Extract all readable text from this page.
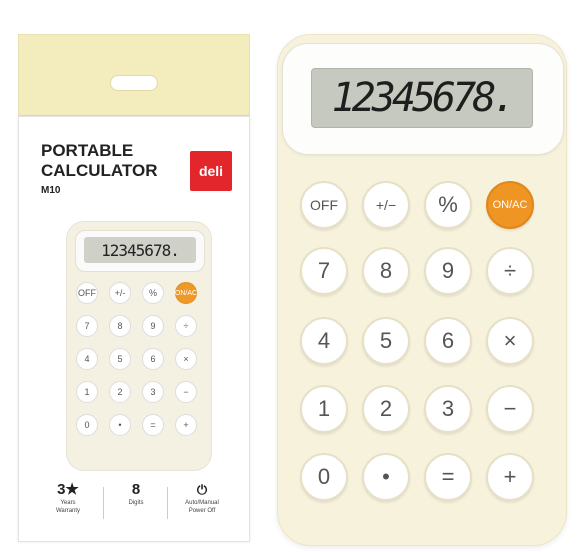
PORTABLE
CALCULATOR
M10
deli
12345678.
OFF	+/-	%	ON/AC
7	8	9	÷
4	5	6	×
1	2	3	−
0	•	=	+
3★
Years
Warranty
8
Digits
⏻
Auto/Manual
Power Off
12345678.
OFF	+/−	%	ON/AC
7	8	9	÷
4	5	6	×
1	2	3	−
0	•	=	+
